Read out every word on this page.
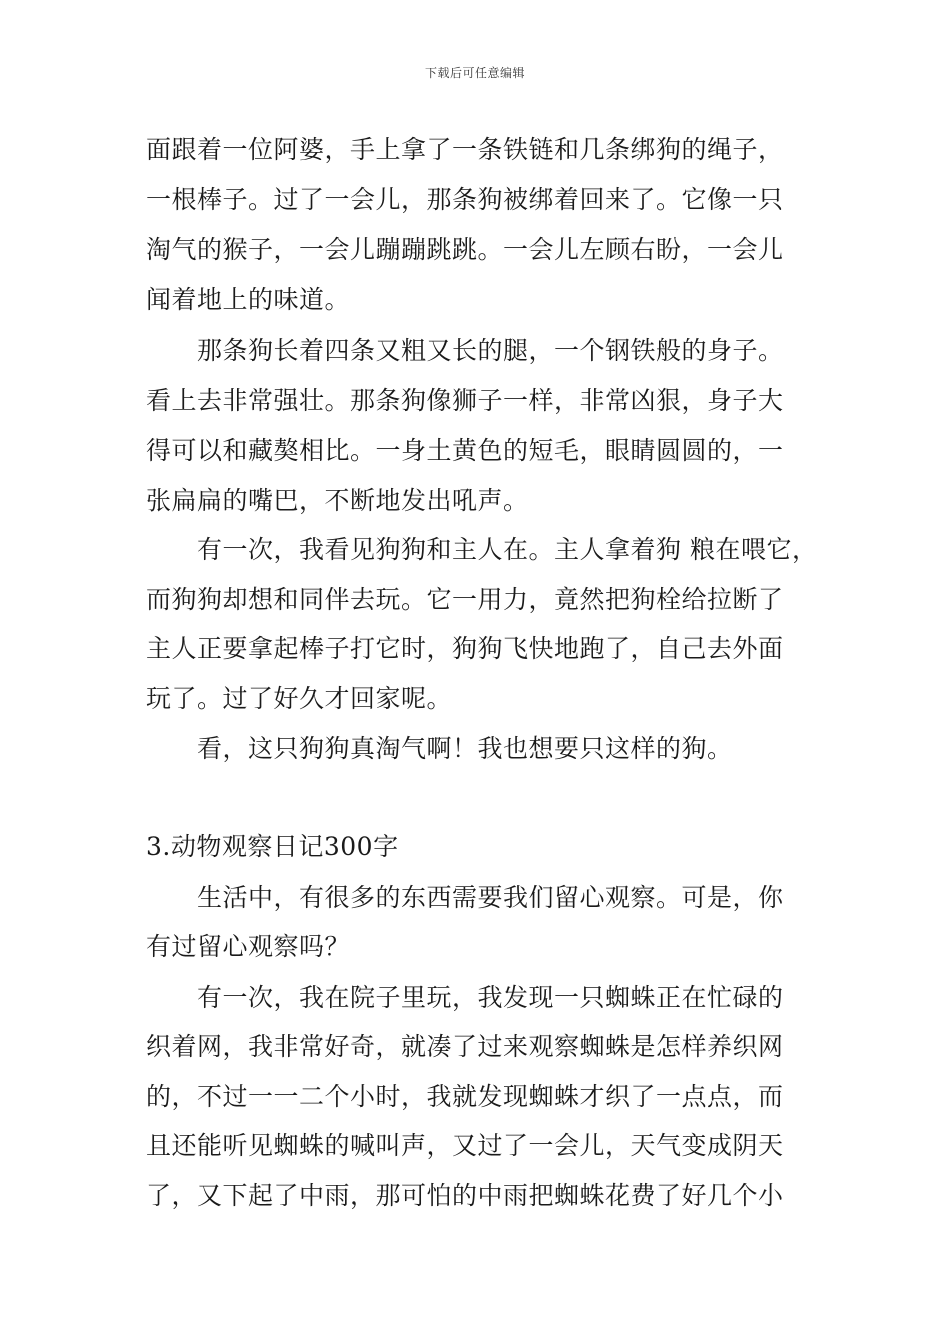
下载后可任意编辑
面跟着一位阿婆，手上拿了一条铁链和几条绑狗的绳子，
一根棒子。过了一会儿，那条狗被绑着回来了。它像一只
淘气的猴子，一会儿蹦蹦跳跳。一会儿左顾右盼，一会儿
闻着地上的味道。
　　那条狗长着四条又粗又长的腿，一个钢铁般的身子。
看上去非常强壮。那条狗像狮子一样，非常凶狠，身子大
得可以和藏獒相比。一身土黄色的短毛，眼睛圆圆的，一
张扁扁的嘴巴，不断地发出吼声。
　　有一次，我看见狗狗和主人在。主人拿着狗 粮在喂它，
而狗狗却想和同伴去玩。它一用力，竟然把狗栓给拉断了
主人正要拿起棒子打它时，狗狗飞快地跑了，自己去外面
玩了。过了好久才回家呢。
　　看，这只狗狗真淘气啊！我也想要只这样的狗。
3.动物观察日记300字
　　生活中，有很多的东西需要我们留心观察。可是，你
有过留心观察吗？
　　有一次，我在院子里玩，我发现一只蜘蛛正在忙碌的
织着网，我非常好奇，就凑了过来观察蜘蛛是怎样养织网
的，不过一一二个小时，我就发现蜘蛛才织了一点点，而
且还能听见蜘蛛的喊叫声，又过了一会儿，天气变成阴天
了，又下起了中雨，那可怕的中雨把蜘蛛花费了好几个小
